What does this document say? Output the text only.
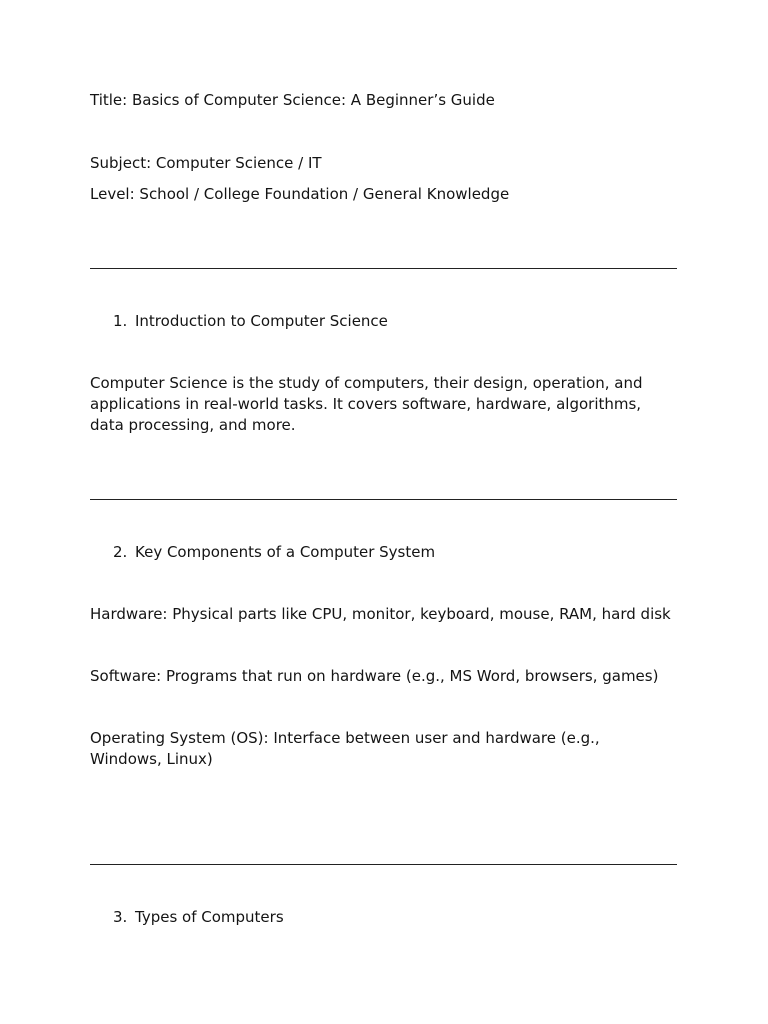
Title: Basics of Computer Science: A Beginner’s Guide

Subject: Computer Science / IT

Level: School / College Foundation / General Knowledge

1. Introduction to Computer Science

Computer Science is the study of computers, their design, operation, and applications in real-world tasks. It covers software, hardware, algorithms, data processing, and more.

2. Key Components of a Computer System

Hardware: Physical parts like CPU, monitor, keyboard, mouse, RAM, hard disk

Software: Programs that run on hardware (e.g., MS Word, browsers, games)

Operating System (OS): Interface between user and hardware (e.g., Windows, Linux)

3. Types of Computers
